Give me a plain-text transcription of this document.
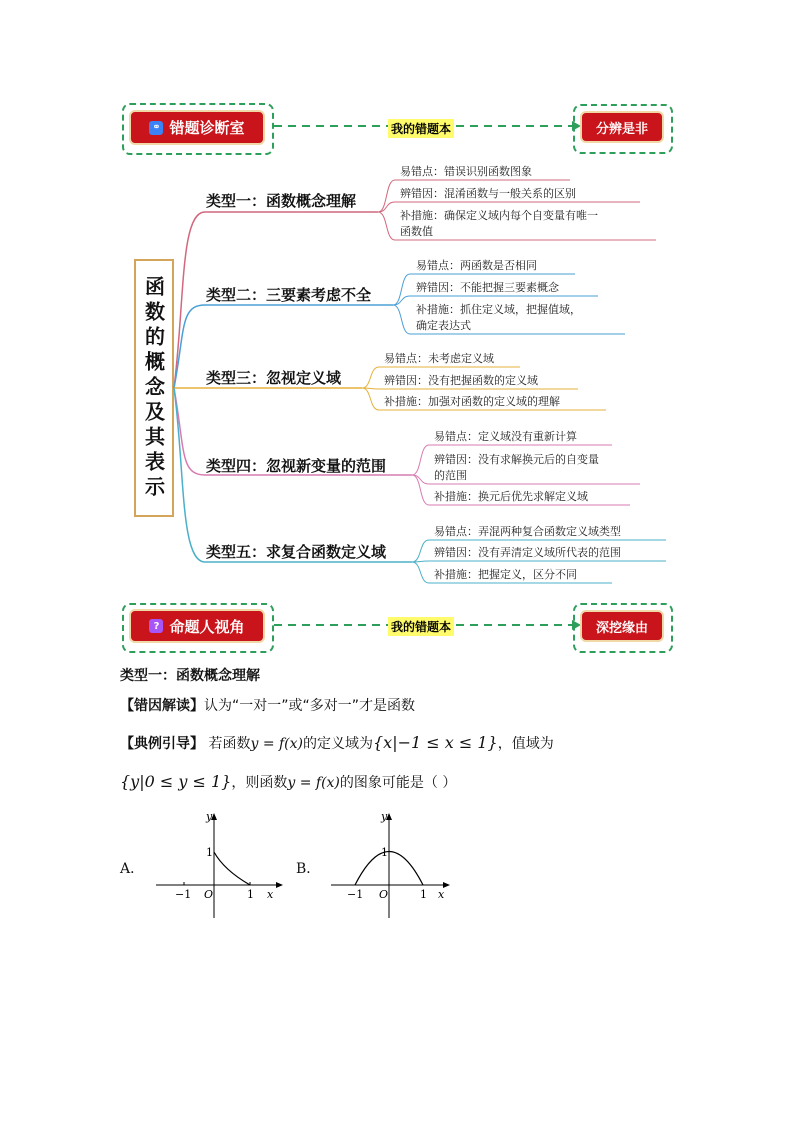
⚭ 错题诊断室	我的错题本	分辨是非
函数的概念及其表示
类型一：函数概念理解
类型二：三要素考虑不全
类型三：忽视定义域
类型四：忽视新变量的范围
类型五：求复合函数定义域
易错点：错误识别函数图象
辨错因：混淆函数与一般关系的区别
补措施：确保定义域内每个自变量有唯一
函数值
易错点：两函数是否相同
辨错因：不能把握三要素概念
补措施：抓住定义域，把握值域，
确定表达式
易错点：未考虑定义域
辨错因：没有把握函数的定义域
补措施：加强对函数的定义域的理解
易错点：定义域没有重新计算
辨错因：没有求解换元后的自变量
的范围
补措施：换元后优先求解定义域
易错点：弄混两种复合函数定义域类型
辨错因：没有弄清定义域所代表的范围
补措施：把握定义，区分不同
? 命题人视角	我的错题本	深挖缘由
类型一：函数概念理解
【错因解读】认为“一对一”或“多对一”才是函数
【典例引导】 若函数y = f(x)的定义域为{x|−1 ≤ x ≤ 1}，值域为
{y|0 ≤ y ≤ 1}，则函数y = f(x)的图象可能是（ ）
A．
y
1
−1 O	1 x
B．
y
1
−1 O	1 x
